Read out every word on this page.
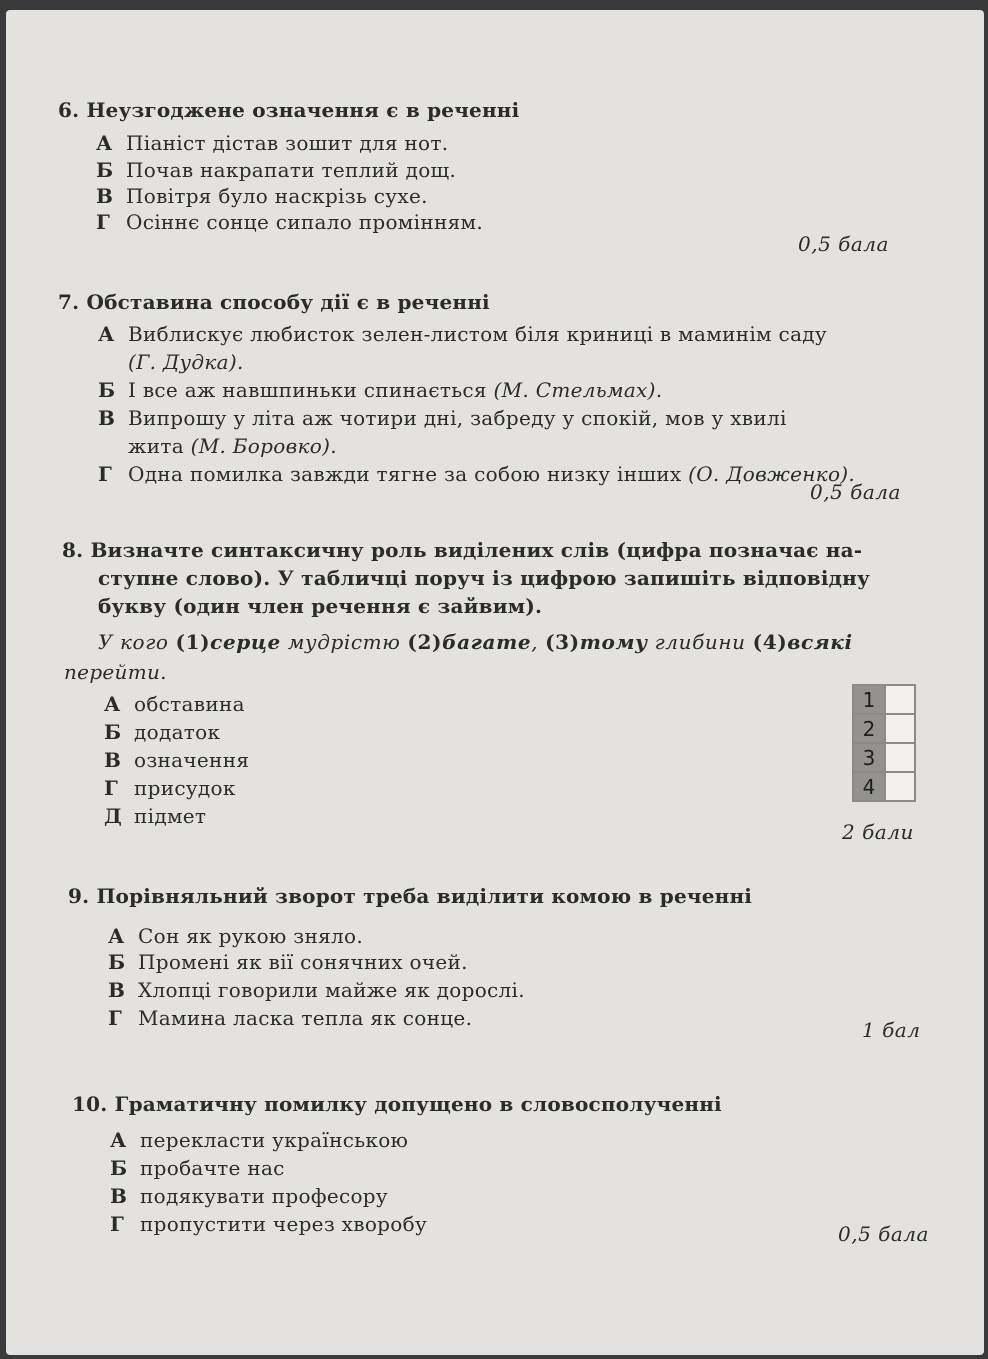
6. Неузгоджене означення є в реченні
А Піаніст дістав зошит для нот.
Б Почав накрапати теплий дощ.
В Повітря було наскрізь сухе.
Г Осіннє сонце сипало промінням.
0,5 бала
7. Обставина способу дії є в реченні
А Виблискує любисток зелен-листом біля криниці в маминім саду
(Г. Дудка).
Б І все аж навшпиньки спинається (М. Стельмах).
В Випрошу у літа аж чотири дні, забреду у спокій, мов у хвилі
жита (М. Боровко).
Г Одна помилка завжди тягне за собою низку інших (О. Довженко).
0,5 бала
8. Визначте синтаксичну роль виділених слів (цифра позначає на-
ступне слово). У табличці поруч із цифрою запишіть відповідну
букву (один член речення є зайвим).
У кого (1)серце мудрістю (2)багате, (3)тому глибини (4)всякі
перейти.
А обставина
Б додаток
В означення
Г присудок
Д підмет
1	
2	
3	
4	
2 бали
9. Порівняльний зворот треба виділити комою в реченні
А Сон як рукою зняло.
Б Промені як вії сонячних очей.
В Хлопці говорили майже як дорослі.
Г Мамина ласка тепла як сонце.	1 бал
10. Граматичну помилку допущено в словосполученні
А перекласти українською
Б пробачте нас
В подякувати професору
Г пропустити через хворобу	0,5 бала
